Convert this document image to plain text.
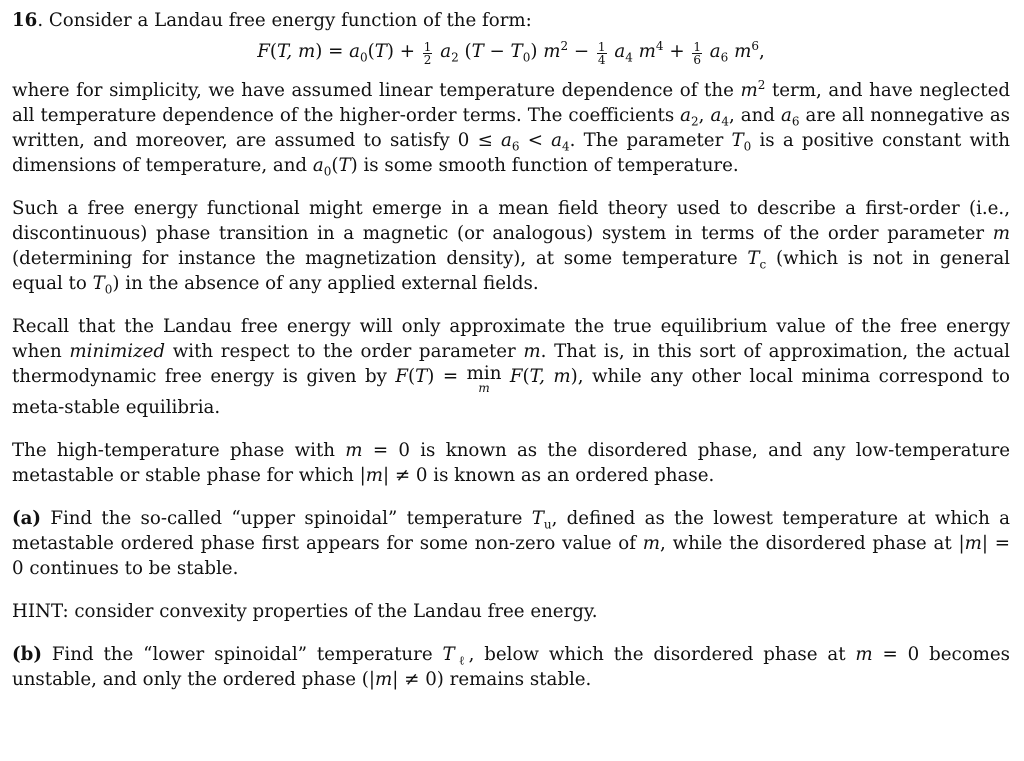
16. Consider a Landau free energy function of the form:

F(T, $m) = a_0(T) + \frac{1}{2} a_2$ $(T - T_0)$ $m^2 - \frac{1}{4} a_4$ $m^4 + \frac{1}{6} a_6$ $m^6$,

where for simplicity, we have assumed linear temperature dependence of the $m^2$ term, and have neglected all temperature dependence of the higher-order terms. The coefficients $a_2$, $a_4$, and $a_6$ are all nonnegative as written, and moreover, are assumed to satisfy $0 \le a_6 < a_4$. The parameter $T_0$ is a positive constant with dimensions of temperature, and $a_0(T)$ is some smooth function of temperature.

Such a free energy functional might emerge in a mean field theory used to describe a first-order (i.e., discontinuous) phase transition in a magnetic (or analogous) system in terms of the order parameter m (determining for instance the magnetization density), at some temperature $T_c$ (which is not in general equal to $T_0$) in the absence of any applied external fields.

Recall that the Landau free energy will only approximate the true equilibrium value of the free energy when minimized with respect to the order parameter m. That is, in this sort of approximation, the actual thermodynamic free energy is given by F(T) = min
m
F(T, m), while any other local minima correspond to meta-stable equilibria.

The high-temperature phase with m = 0 is known as the disordered phase, and any low-temperature metastable or stable phase for which |m| ≠ 0 is known as an ordered phase.

(a) Find the so-called “upper spinoidal” temperature $T_u$, defined as the lowest temperature at which a metastable ordered phase first appears for some non-zero value of m, while the disordered phase at |m| = 0 continues to be stable.

HINT: consider convexity properties of the Landau free energy.

(b) Find the “lower spinoidal” temperature $T_\ell$, below which the disordered phase at m = 0 becomes unstable, and only the ordered phase (|m| ≠ 0) remains stable.
